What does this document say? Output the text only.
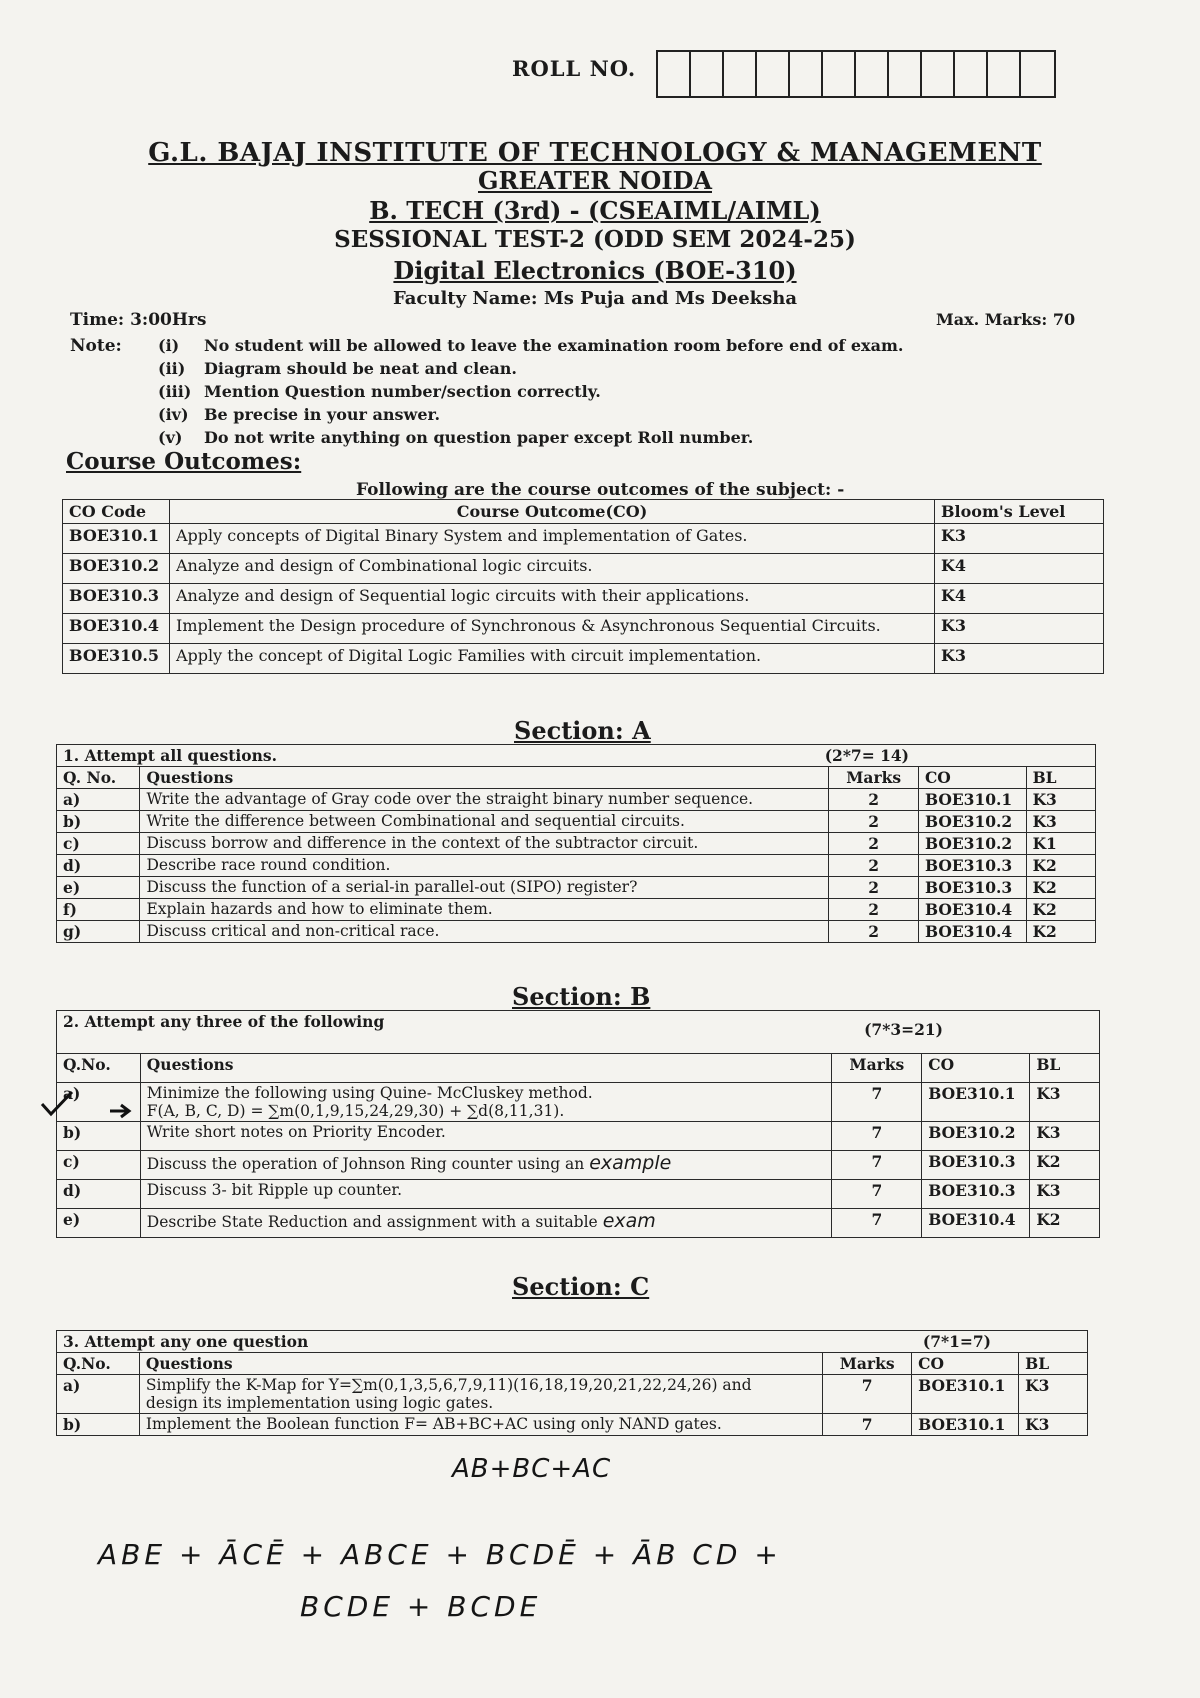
ROLL NO.
G.L. BAJAJ INSTITUTE OF TECHNOLOGY & MANAGEMENT
GREATER NOIDA
B. TECH (3rd) - (CSEAIML/AIML)
SESSIONAL TEST-2 (ODD SEM 2024-25)
Digital Electronics (BOE-310)
Faculty Name: Ms Puja and Ms Deeksha
Time: 3:00Hrs	Max. Marks: 70
Note: (i) No student will be allowed to leave the examination room before end of exam.
(ii) Diagram should be neat and clean.
(iii) Mention Question number/section correctly.
(iv) Be precise in your answer.
(v) Do not write anything on question paper except Roll number.
Course Outcomes:
Following are the course outcomes of the subject: -
CO Code	Course Outcome(CO)	Bloom's Level
BOE310.1	Apply concepts of Digital Binary System and implementation of Gates.	K3
BOE310.2	Analyze and design of Combinational logic circuits.	K4
BOE310.3	Analyze and design of Sequential logic circuits with their applications.	K4
BOE310.4	Implement the Design procedure of Synchronous & Asynchronous Sequential Circuits.	K3
BOE310.5	Apply the concept of Digital Logic Families with circuit implementation.	K3
Section: A
1. Attempt all questions. (2*7= 14)				

Q. No.	Questions	Marks	CO	BL
a)	Write the advantage of Gray code over the straight binary number sequence.	2	BOE310.1	K3
b)	Write the difference between Combinational and sequential circuits.	2	BOE310.2	K3
c)	Discuss borrow and difference in the context of the subtractor circuit.	2	BOE310.2	K1
d)	Describe race round condition.	2	BOE310.3	K2
e)	Discuss the function of a serial-in parallel-out (SIPO) register?	2	BOE310.3	K2
f)	Explain hazards and how to eliminate them.	2	BOE310.4	K2
g)	Discuss critical and non-critical race.	2	BOE310.4	K2
Section: B
2. Attempt any three of the following (7*3=21)				

Q.No.	Questions	Marks	CO	BL
a)	Minimize the following using Quine- McCluskey method.
F(A, B, C, D) = ∑m(0,1,9,15,24,29,30) + ∑d(8,11,31).	7	BOE310.1	K3
b)	Write short notes on Priority Encoder.	7	BOE310.2	K3
c)	Discuss the operation of Johnson Ring counter using an example	7	BOE310.3	K2
d)	Discuss 3- bit Ripple up counter.	7	BOE310.3	K3
e)	Describe State Reduction and assignment with a suitable exam	7	BOE310.4	K2
Section: C
3. Attempt any one question (7*1=7)				

Q.No.	Questions	Marks	CO	BL
a)	Simplify the K-Map for Y=∑m(0,1,3,5,6,7,9,11)(16,18,19,20,21,22,24,26) and
design its implementation using logic gates.	7	BOE310.1	K3
b)	Implement the Boolean function F= AB+BC+AC using only NAND gates.	7	BOE310.1	K3
AB+BC+AC
ABE + ĀCĒ + ABCE + BCDĒ + ĀB CD +
BCDE + BCDE
